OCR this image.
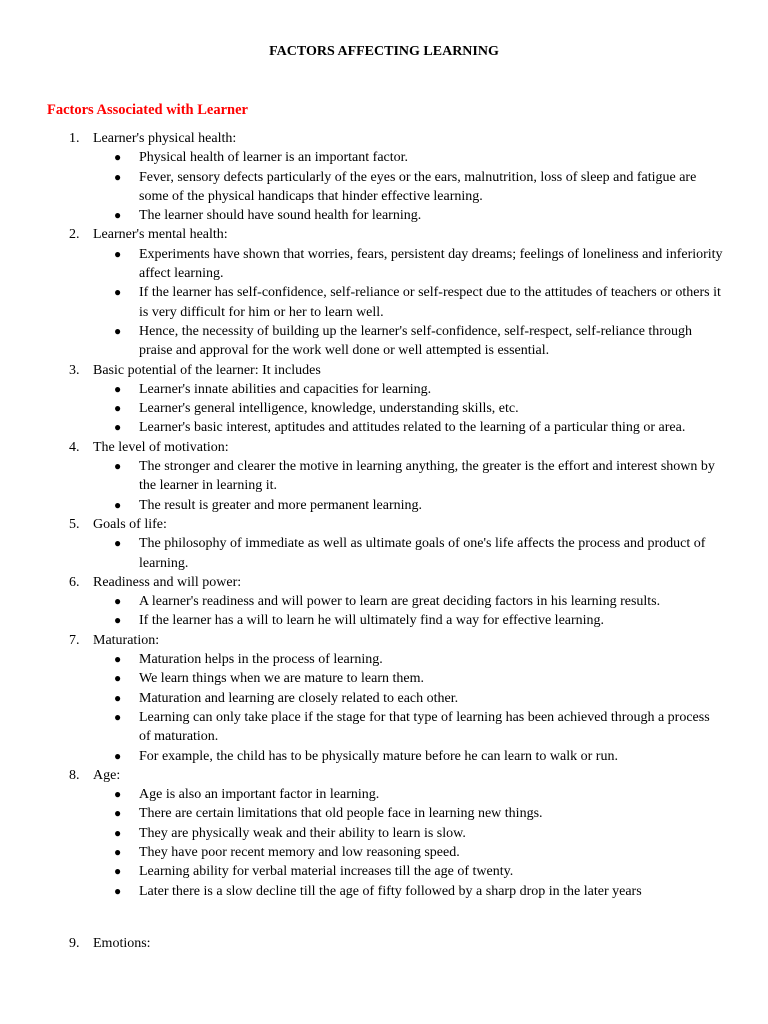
FACTORS AFFECTING LEARNING
Factors Associated with Learner
1. Learner's physical health:
● Physical health of learner is an important factor.
● Fever, sensory defects particularly of the eyes or the ears, malnutrition, loss of sleep and fatigue are some of the physical handicaps that hinder effective learning.
● The learner should have sound health for learning.
2. Learner's mental health:
● Experiments have shown that worries, fears, persistent day dreams; feelings of loneliness and inferiority affect learning.
● If the learner has self-confidence, self-reliance or self-respect due to the attitudes of teachers or others it is very difficult for him or her to learn well.
● Hence, the necessity of building up the learner's self-confidence, self-respect, self-reliance through praise and approval for the work well done or well attempted is essential.
3. Basic potential of the learner: It includes
● Learner's innate abilities and capacities for learning.
● Learner's general intelligence, knowledge, understanding skills, etc.
● Learner's basic interest, aptitudes and attitudes related to the learning of a particular thing or area.
4. The level of motivation:
● The stronger and clearer the motive in learning anything, the greater is the effort and interest shown by the learner in learning it.
● The result is greater and more permanent learning.
5. Goals of life:
● The philosophy of immediate as well as ultimate goals of one's life affects the process and product of learning.
6. Readiness and will power:
● A learner's readiness and will power to learn are great deciding factors in his learning results.
● If the learner has a will to learn he will ultimately find a way for effective learning.
7. Maturation:
● Maturation helps in the process of learning.
● We learn things when we are mature to learn them.
● Maturation and learning are closely related to each other.
● Learning can only take place if the stage for that type of learning has been achieved through a process of maturation.
● For example, the child has to be physically mature before he can learn to walk or run.
8. Age:
● Age is also an important factor in learning.
● There are certain limitations that old people face in learning new things.
● They are physically weak and their ability to learn is slow.
● They have poor recent memory and low reasoning speed.
● Learning ability for verbal material increases till the age of twenty.
● Later there is a slow decline till the age of fifty followed by a sharp drop in the later years
9. Emotions:
